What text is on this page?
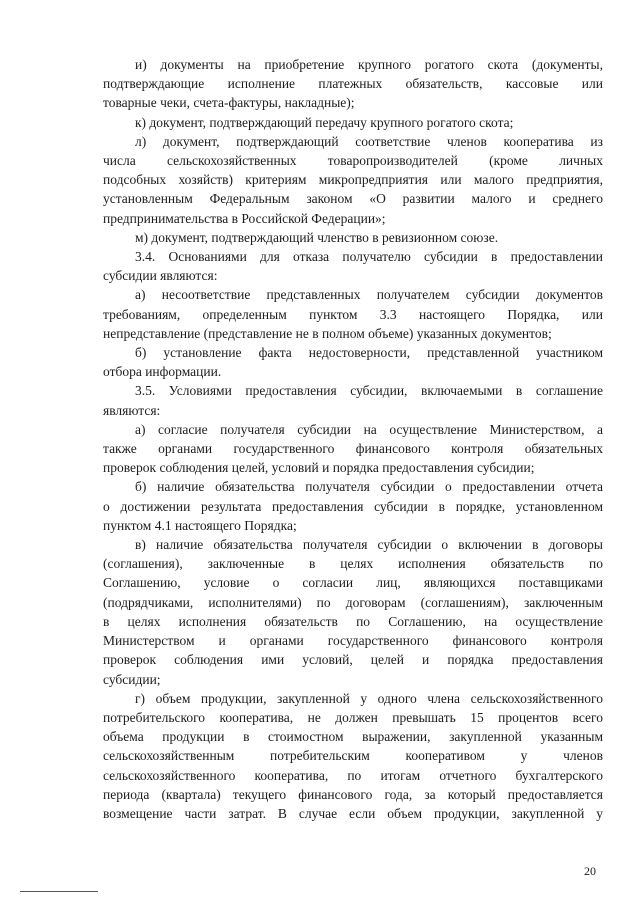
и) документы на приобретение крупного рогатого скота (документы,

подтверждающие исполнение платежных обязательств, кассовые или

товарные чеки, счета-фактуры, накладные);

к) документ, подтверждающий передачу крупного рогатого скота;

л) документ, подтверждающий соответствие членов кооператива из

числа сельскохозяйственных товаропроизводителей (кроме личных

подсобных хозяйств) критериям микропредприятия или малого предприятия,

установленным Федеральным законом «О развитии малого и среднего

предпринимательства в Российской Федерации»;

м) документ, подтверждающий членство в ревизионном союзе.

3.4. Основаниями для отказа получателю субсидии в предоставлении

субсидии являются:

а) несоответствие представленных получателем субсидии документов

требованиям, определенным пунктом 3.3 настоящего Порядка, или

непредставление (представление не в полном объеме) указанных документов;

б) установление факта недостоверности, представленной участником

отбора информации.

3.5. Условиями предоставления субсидии, включаемыми в соглашение

являются:

а) согласие получателя субсидии на осуществление Министерством, а

также органами государственного финансового контроля обязательных

проверок соблюдения целей, условий и порядка предоставления субсидии;

б) наличие обязательства получателя субсидии о предоставлении отчета

о достижении результата предоставления субсидии в порядке, установленном

пунктом 4.1 настоящего Порядка;

в) наличие обязательства получателя субсидии о включении в договоры

(соглашения), заключенные в целях исполнения обязательств по

Соглашению, условие о согласии лиц, являющихся поставщиками

(подрядчиками, исполнителями) по договорам (соглашениям), заключенным

в целях исполнения обязательств по Соглашению, на осуществление

Министерством и органами государственного финансового контроля

проверок соблюдения ими условий, целей и порядка предоставления

субсидии;

г) объем продукции, закупленной у одного члена сельскохозяйственного

потребительского кооператива, не должен превышать 15 процентов всего

объема продукции в стоимостном выражении, закупленной указанным

сельскохозяйственным потребительским кооперативом у членов

сельскохозяйственного кооператива, по итогам отчетного бухгалтерского

периода (квартала) текущего финансового года, за который предоставляется

возмещение части затрат. В случае если объем продукции, закупленной у

20
